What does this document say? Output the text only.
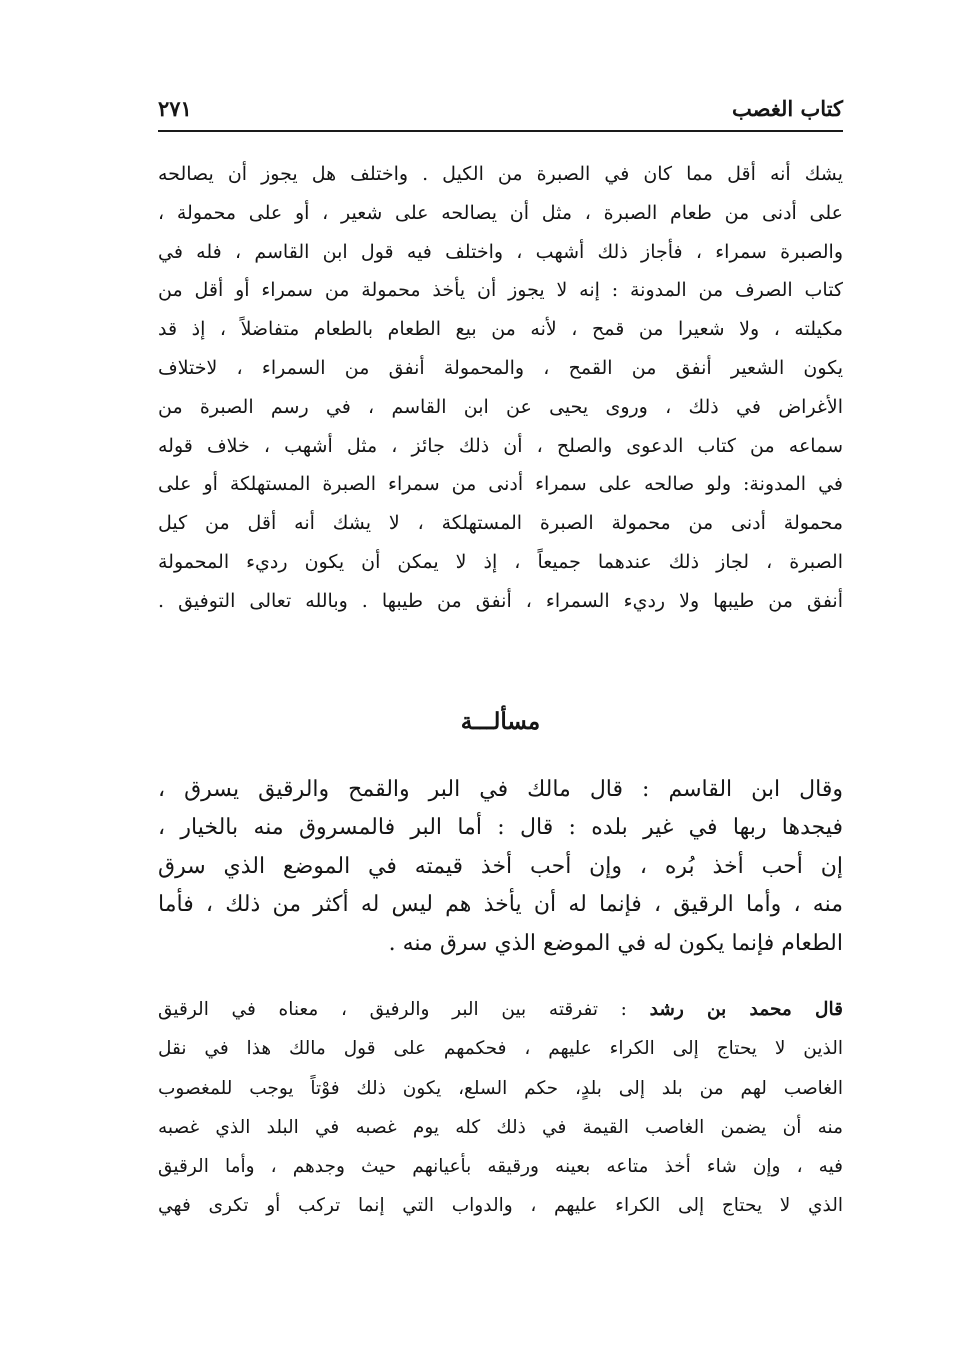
كتاب الغصب
٢٧١
يشك أنه أقل مما كان في الصبرة من الكيل . واختلف هل يجوز أن يصالحه
على أدنى من طعام الصبرة ، مثل أن يصالحه على شعير ، أو على محمولة ،
والصبرة سمراء ، فأجاز ذلك أشهب ، واختلف فيه قول ابن القاسم ، فله في
كتاب الصرف من المدونة : إنه لا يجوز أن يأخذ محمولة من سمراء أو أقل من
مكيلته ، ولا شعيرا من قمح ، لأنه من بيع الطعام بالطعام متفاضلاً ، إذ قد
يكون الشعير أنفق من القمح ، والمحمولة أنفق من السمراء ، لاختلاف
الأغراض في ذلك ، وروى يحيى عن ابن القاسم ، في رسم الصبرة من
سماعه من كتاب الدعوى والصلح ، أن ذلك جائز ، مثل أشهب ، خلاف قوله
في المدونة: ولو صالحه على سمراء أدنى من سمراء الصبرة المستهلكة أو على
محمولة أدنى من محمولة الصبرة المستهلكة ، لا يشك أنه أقل من كيل
الصبرة ، لجاز ذلك عندهما جميعاً ، إذ لا يمكن أن يكون رديء المحمولة
أنفق من طيبها ولا رديء السمراء ، أنفق من طيبها . وبالله تعالى التوفيق .
مسألـــة
وقال ابن القاسم : قال مالك في البر والقمح والرقيق يسرق ،
فيجدها ربها في غير بلده : قال : أما البر فالمسروق منه بالخيار ،
إن أحب أخذ بُره ، وإن أحب أخذ قيمته في الموضع الذي سرق
منه ، وأما الرقيق ، فإنما له أن يأخذ هم ليس له أكثر من ذلك ، فأما
الطعام فإنما يكون له في الموضع الذي سرق منه .
قال محمد بن رشد : تفرقته بين البر والرفيق ، معناه في الرقيق
الذين لا يحتاج إلى الكراء عليهم ، فحكمهم على قول مالك هذا في نقل
الغاصب لهم من بلد إلى بلدٍ، حكم السلع، يكون ذلك فوْتاً يوجب للمغصوب
منه أن يضمن الغاصب القيمة في ذلك كله يوم غصبه في البلد الذي غصبه
فيه ، وإن شاء أخذ متاعه بعينه ورقيقه بأعيانهم حيث وجدهم ، وأما الرقيق
الذي لا يحتاج إلى الكراء عليهم ، والدواب التي إنما تركب أو تكرى فهي
